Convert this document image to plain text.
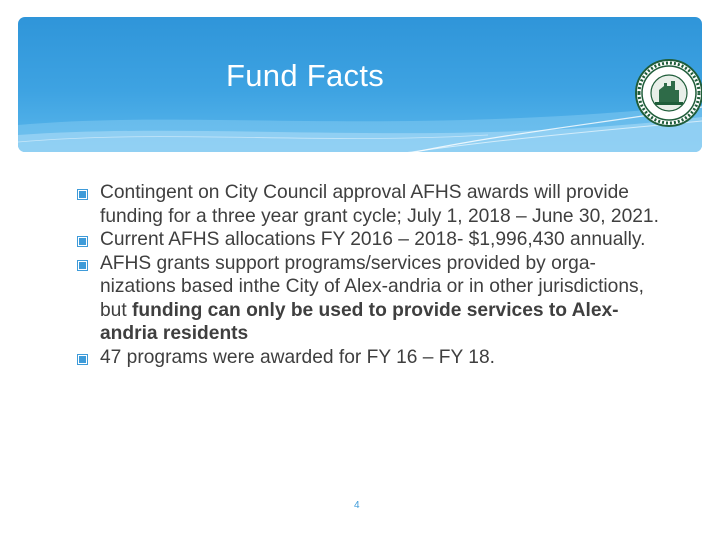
Fund Facts
Contingent on City Council approval AFHS awards will provide funding for a three year grant cycle; July 1, 2018 – June 30, 2021.
Current AFHS allocations FY 2016 – 2018- $1,996,430 annually.
AFHS grants support programs/services provided by orga-nizations based inthe City of Alex-andria or in other jurisdictions, but funding can only be used to provide services to Alex-andria residents
47 programs were awarded for FY 16 – FY 18.
4
